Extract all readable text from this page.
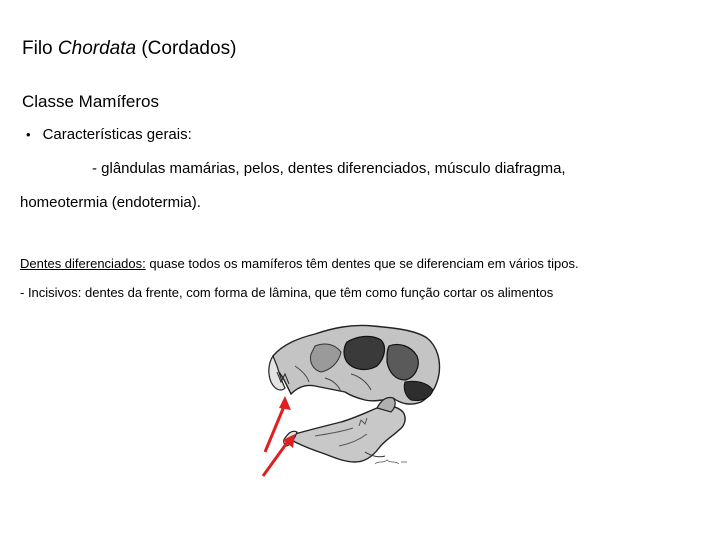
Filo Chordata (Cordados)
Classe Mamíferos
• Características gerais:
- glândulas mamárias, pelos, dentes diferenciados, músculo diafragma,
homeotermia (endotermia).
Dentes diferenciados: quase todos os mamíferos têm dentes que se diferenciam em vários tipos.
- Incisivos: dentes da frente, com forma de lâmina, que têm como função cortar os alimentos
